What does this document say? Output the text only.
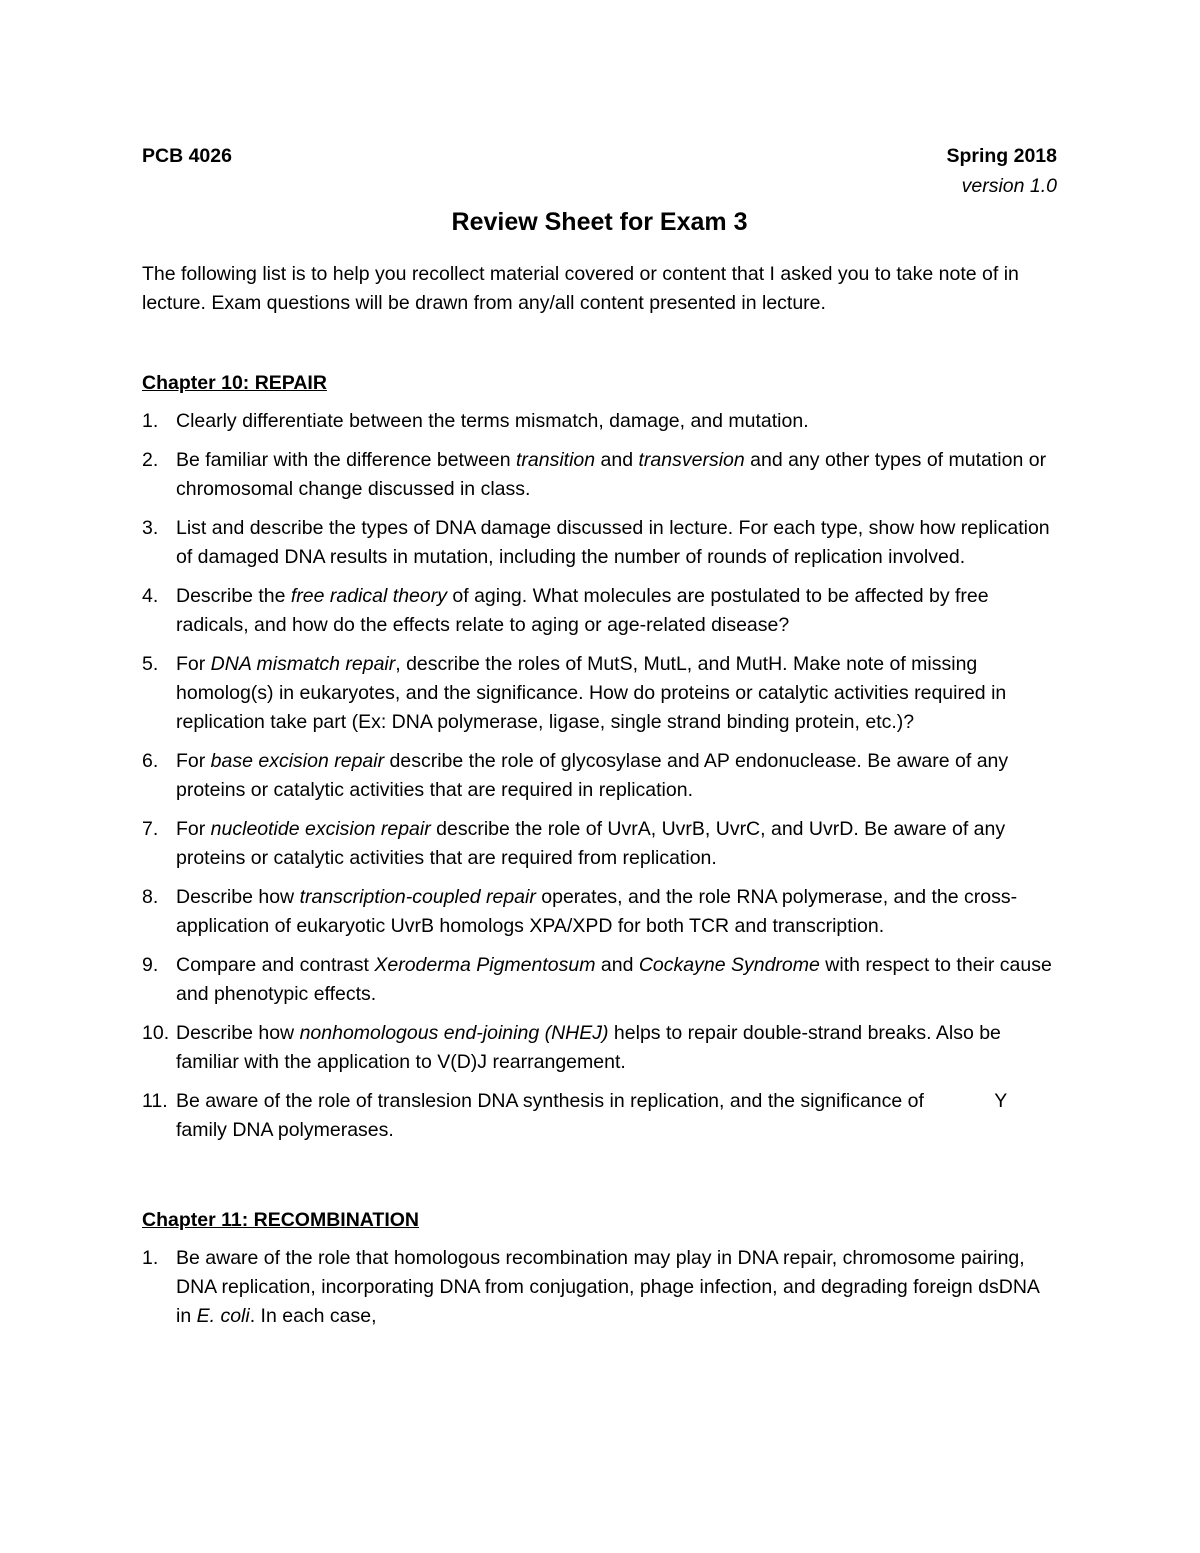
PCB 4026	Spring 2018
version 1.0
Review Sheet for Exam 3

The following list is to help you recollect material covered or content that I asked you to take note of in lecture. Exam questions will be drawn from any/all content presented in lecture.

Chapter 10: REPAIR
1. Clearly differentiate between the terms mismatch, damage, and mutation.
2. Be familiar with the difference between transition and transversion and any other types of mutation or chromosomal change discussed in class.
3. List and describe the types of DNA damage discussed in lecture. For each type, show how replication of damaged DNA results in mutation, including the number of rounds of replication involved.
4. Describe the free radical theory of aging. What molecules are postulated to be affected by free radicals, and how do the effects relate to aging or age-related disease?
5. For DNA mismatch repair, describe the roles of MutS, MutL, and MutH. Make note of missing homolog(s) in eukaryotes, and the significance. How do proteins or catalytic activities required in replication take part (Ex: DNA polymerase, ligase, single strand binding protein, etc.)?
6. For base excision repair describe the role of glycosylase and AP endonuclease. Be aware of any proteins or catalytic activities that are required in replication.
7. For nucleotide excision repair describe the role of UvrA, UvrB, UvrC, and UvrD. Be aware of any proteins or catalytic activities that are required from replication.
8. Describe how transcription-coupled repair operates, and the role RNA polymerase, and the cross-application of eukaryotic UvrB homologs XPA/XPD for both TCR and transcription.
9. Compare and contrast Xeroderma Pigmentosum and Cockayne Syndrome with respect to their cause and phenotypic effects.
10. Describe how nonhomologous end-joining (NHEJ) helps to repair double-strand breaks. Also be familiar with the application to V(D)J rearrangement.
11. Be aware of the role of translesion DNA synthesis in replication, and the significance of	Y family DNA polymerases.
Chapter 11: RECOMBINATION
1. Be aware of the role that homologous recombination may play in DNA repair, chromosome pairing, DNA replication, incorporating DNA from conjugation, phage infection, and degrading foreign dsDNA in E. coli. In each case,
